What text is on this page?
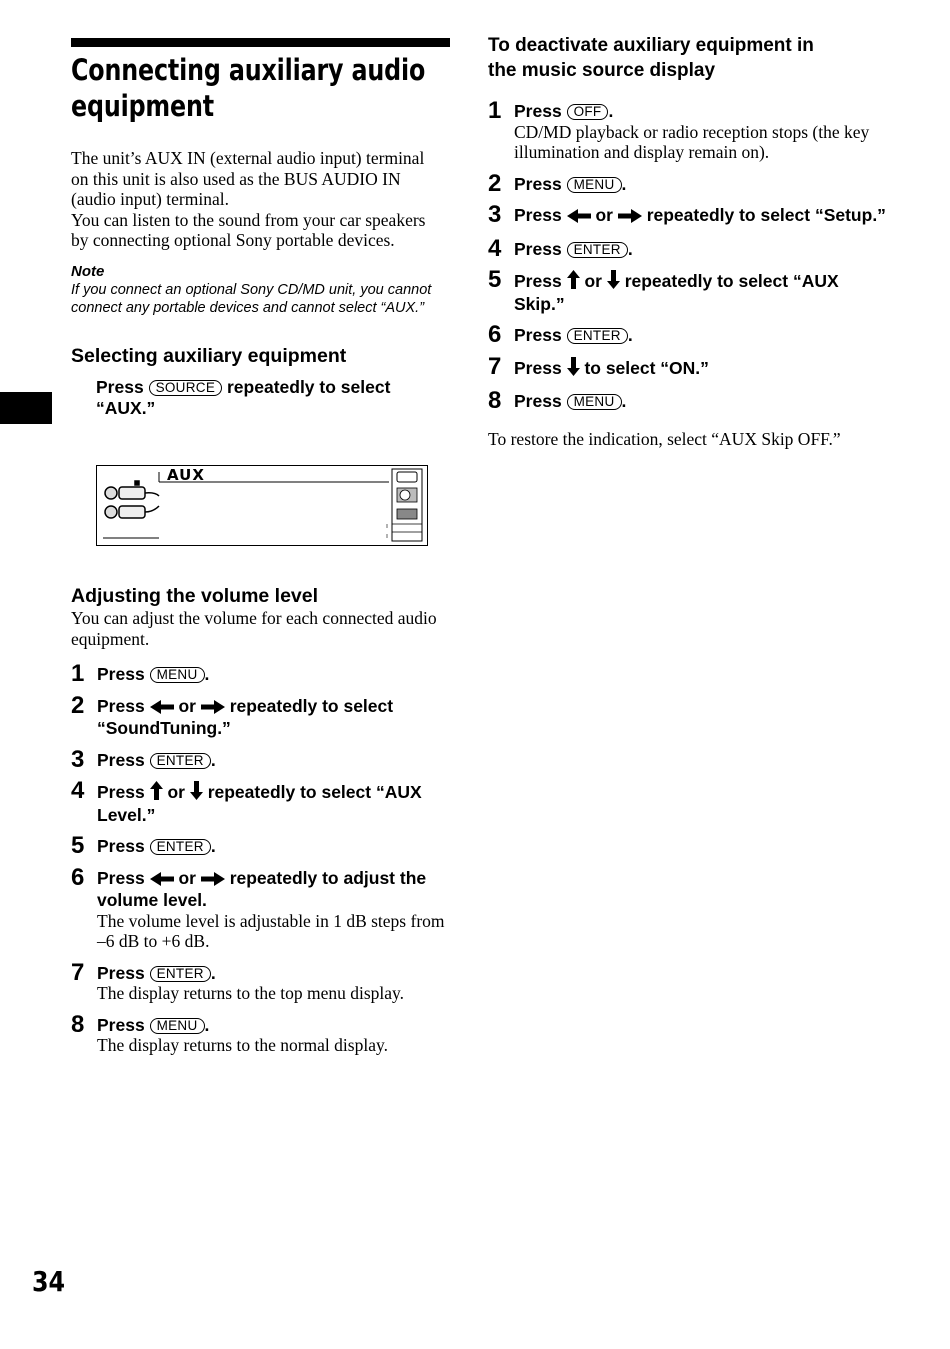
Connecting auxiliary audio
equipment

The unit’s AUX IN (external audio input) terminal on this unit is also used as the BUS AUDIO IN (audio input) terminal.

You can listen to the sound from your car speakers by connecting optional Sony portable devices.

Note

If you connect an optional Sony CD/MD unit, you cannot connect any portable devices and cannot select “AUX.”

Selecting auxiliary equipment

Press SOURCE repeatedly to select “AUX.”

AUX
Adjusting the volume level

You can adjust the volume for each connected audio equipment.

1 Press MENU .
2 Press or repeatedly to select “SoundTuning.”
3 Press ENTER .
4 Press or repeatedly to select “AUX Level.”
5 Press ENTER .
6 Press or repeatedly to adjust the volume level.
The volume level is adjustable in 1 dB steps from –6 dB to +6 dB.
7 Press ENTER .
The display returns to the top menu display.
8 Press MENU .
The display returns to the normal display.
To deactivate auxiliary equipment in
the music source display
1 Press OFF .
CD/MD playback or radio reception stops (the key illumination and display remain on).
2 Press MENU .
3 Press or repeatedly to select “Setup.”
4 Press ENTER .
5 Press or repeatedly to select “AUX Skip.”
6 Press ENTER .
7 Press to select “ON.”
8 Press MENU .

To restore the indication, select “AUX Skip OFF.”

34
